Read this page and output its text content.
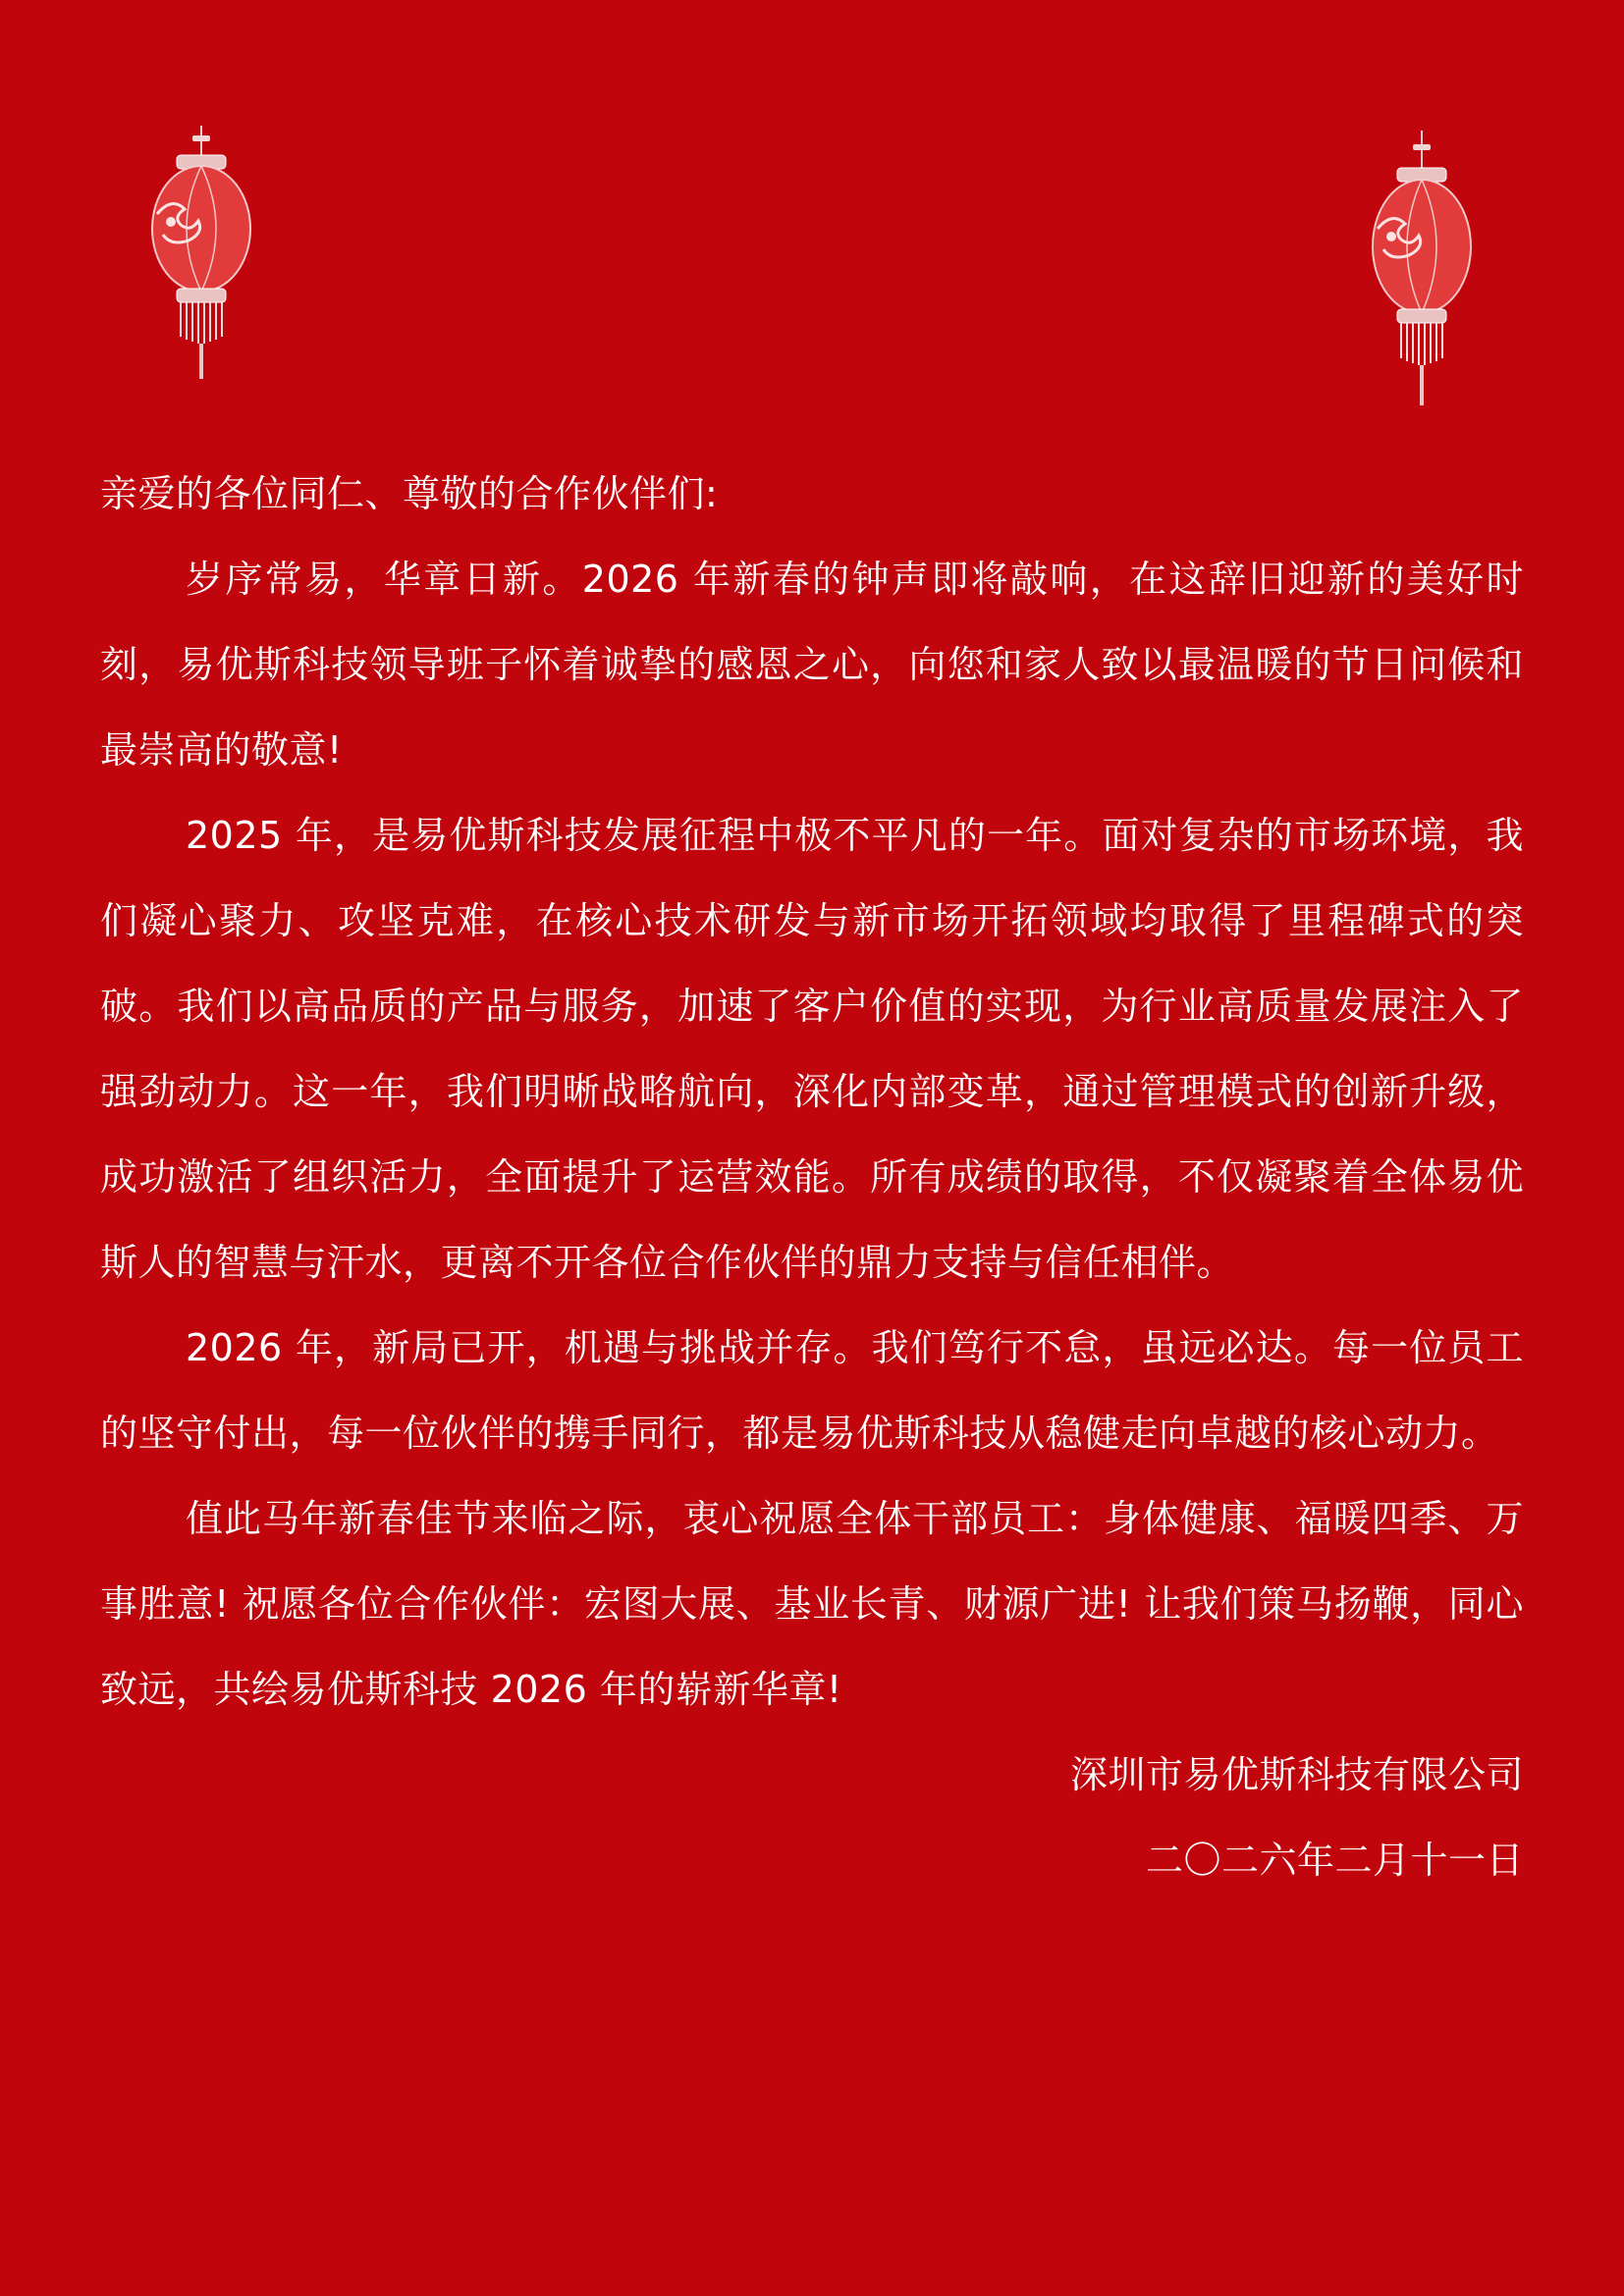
亲爱的各位同仁、尊敬的合作伙伴们:

岁序常易，华章日新。2026 年新春的钟声即将敲响，在这辞旧迎新的美好时刻，易优斯科技领导班子怀着诚挚的感恩之心，向您和家人致以最温暖的节日问候和最崇高的敬意!

2025 年，是易优斯科技发展征程中极不平凡的一年。面对复杂的市场环境，我们凝心聚力、攻坚克难，在核心技术研发与新市场开拓领域均取得了里程碑式的突破。我们以高品质的产品与服务，加速了客户价值的实现，为行业高质量发展注入了强劲动力。这一年，我们明晰战略航向，深化内部变革，通过管理模式的创新升级，成功激活了组织活力，全面提升了运营效能。所有成绩的取得，不仅凝聚着全体易优斯人的智慧与汗水，更离不开各位合作伙伴的鼎力支持与信任相伴。

2026 年，新局已开，机遇与挑战并存。我们笃行不怠，虽远必达。每一位员工的坚守付出，每一位伙伴的携手同行，都是易优斯科技从稳健走向卓越的核心动力。

值此马年新春佳节来临之际，衷心祝愿全体干部员工：身体健康、福暖四季、万事胜意! 祝愿各位合作伙伴：宏图大展、基业长青、财源广进! 让我们策马扬鞭，同心致远，共绘易优斯科技 2026 年的崭新华章!

深圳市易优斯科技有限公司

二〇二六年二月十一日
